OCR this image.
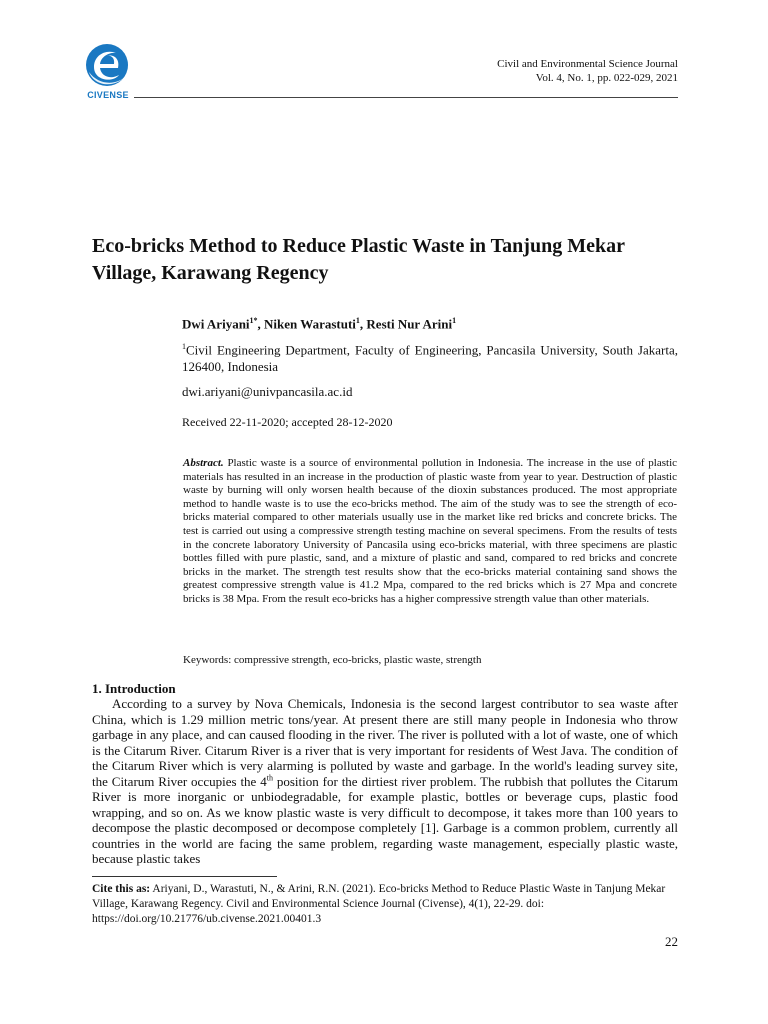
CIVENSE
Civil and Environmental Science Journal
Vol. 4, No. 1, pp. 022-029, 2021
Eco-bricks Method to Reduce Plastic Waste in Tanjung Mekar Village, Karawang Regency
Dwi Ariyani$^{1*}$, Niken Warastuti$^1$, Resti Nur Arini$^1$
$^1$Civil Engineering Department, Faculty of Engineering, Pancasila University, South Jakarta, 126400, Indonesia
dwi.ariyani@univpancasila.ac.id
Received 22-11-2020; accepted 28-12-2020
Abstract. Plastic waste is a source of environmental pollution in Indonesia. The increase in the use of plastic materials has resulted in an increase in the production of plastic waste from year to year. Destruction of plastic waste by burning will only worsen health because of the dioxin substances produced. The most appropriate method to handle waste is to use the eco-bricks method. The aim of the study was to see the strength of eco-bricks material compared to other materials usually use in the market like red bricks and concrete bricks. The test is carried out using a compressive strength testing machine on several specimens. From the results of tests in the concrete laboratory University of Pancasila using eco-bricks material, with three specimens are plastic bottles filled with pure plastic, sand, and a mixture of plastic and sand, compared to red bricks and concrete bricks in the market. The strength test results show that the eco-bricks material containing sand shows the greatest compressive strength value is 41.2 Mpa, compared to the red bricks which is 27 Mpa and concrete bricks is 38 Mpa. From the result eco-bricks has a higher compressive strength value than other materials.
Keywords: compressive strength, eco-bricks, plastic waste, strength
1. Introduction
According to a survey by Nova Chemicals, Indonesia is the second largest contributor to sea waste after China, which is 1.29 million metric tons/year. At present there are still many people in Indonesia who throw garbage in any place, and can caused flooding in the river. The river is polluted with a lot of waste, one of which is the Citarum River. Citarum River is a river that is very important for residents of West Java. The condition of the Citarum River which is very alarming is polluted by waste and garbage. In the world's leading survey site, the Citarum River occupies the 4th position for the dirtiest river problem. The rubbish that pollutes the Citarum River is more inorganic or unbiodegradable, for example plastic, bottles or beverage cups, plastic food wrapping, and so on. As we know plastic waste is very difficult to decompose, it takes more than 100 years to decompose the plastic decomposed or decompose completely [1]. Garbage is a common problem, currently all countries in the world are facing the same problem, regarding waste management, especially plastic waste, because plastic takes
Cite this as: Ariyani, D., Warastuti, N., & Arini, R.N. (2021). Eco-bricks Method to Reduce Plastic Waste in Tanjung Mekar Village, Karawang Regency. Civil and Environmental Science Journal (Civense), 4(1), 22-29. doi: https://doi.org/10.21776/ub.civense.2021.00401.3
22
